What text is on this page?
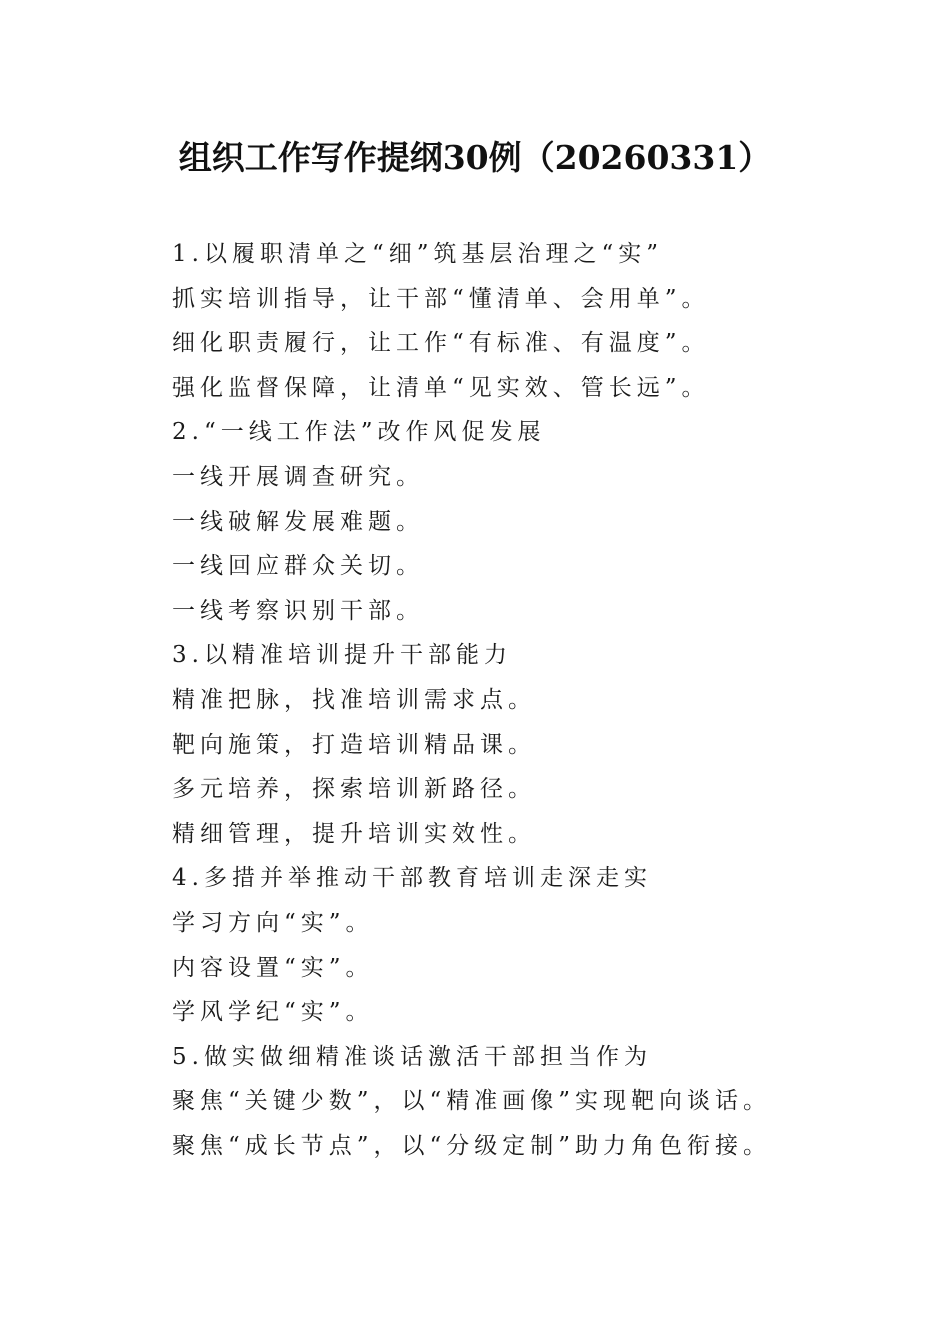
组织工作写作提纲30例（20260331）
1.以履职清单之“细”筑基层治理之“实”
抓实培训指导，让干部“懂清单、会用单”。
细化职责履行，让工作“有标准、有温度”。
强化监督保障，让清单“见实效、管长远”。
2.“一线工作法”改作风促发展
一线开展调查研究。
一线破解发展难题。
一线回应群众关切。
一线考察识别干部。
3.以精准培训提升干部能力
精准把脉，找准培训需求点。
靶向施策，打造培训精品课。
多元培养，探索培训新路径。
精细管理，提升培训实效性。
4.多措并举推动干部教育培训走深走实
学习方向“实”。
内容设置“实”。
学风学纪“实”。
5.做实做细精准谈话激活干部担当作为
聚焦“关键少数”，以“精准画像”实现靶向谈话。
聚焦“成长节点”，以“分级定制”助力角色衔接。
